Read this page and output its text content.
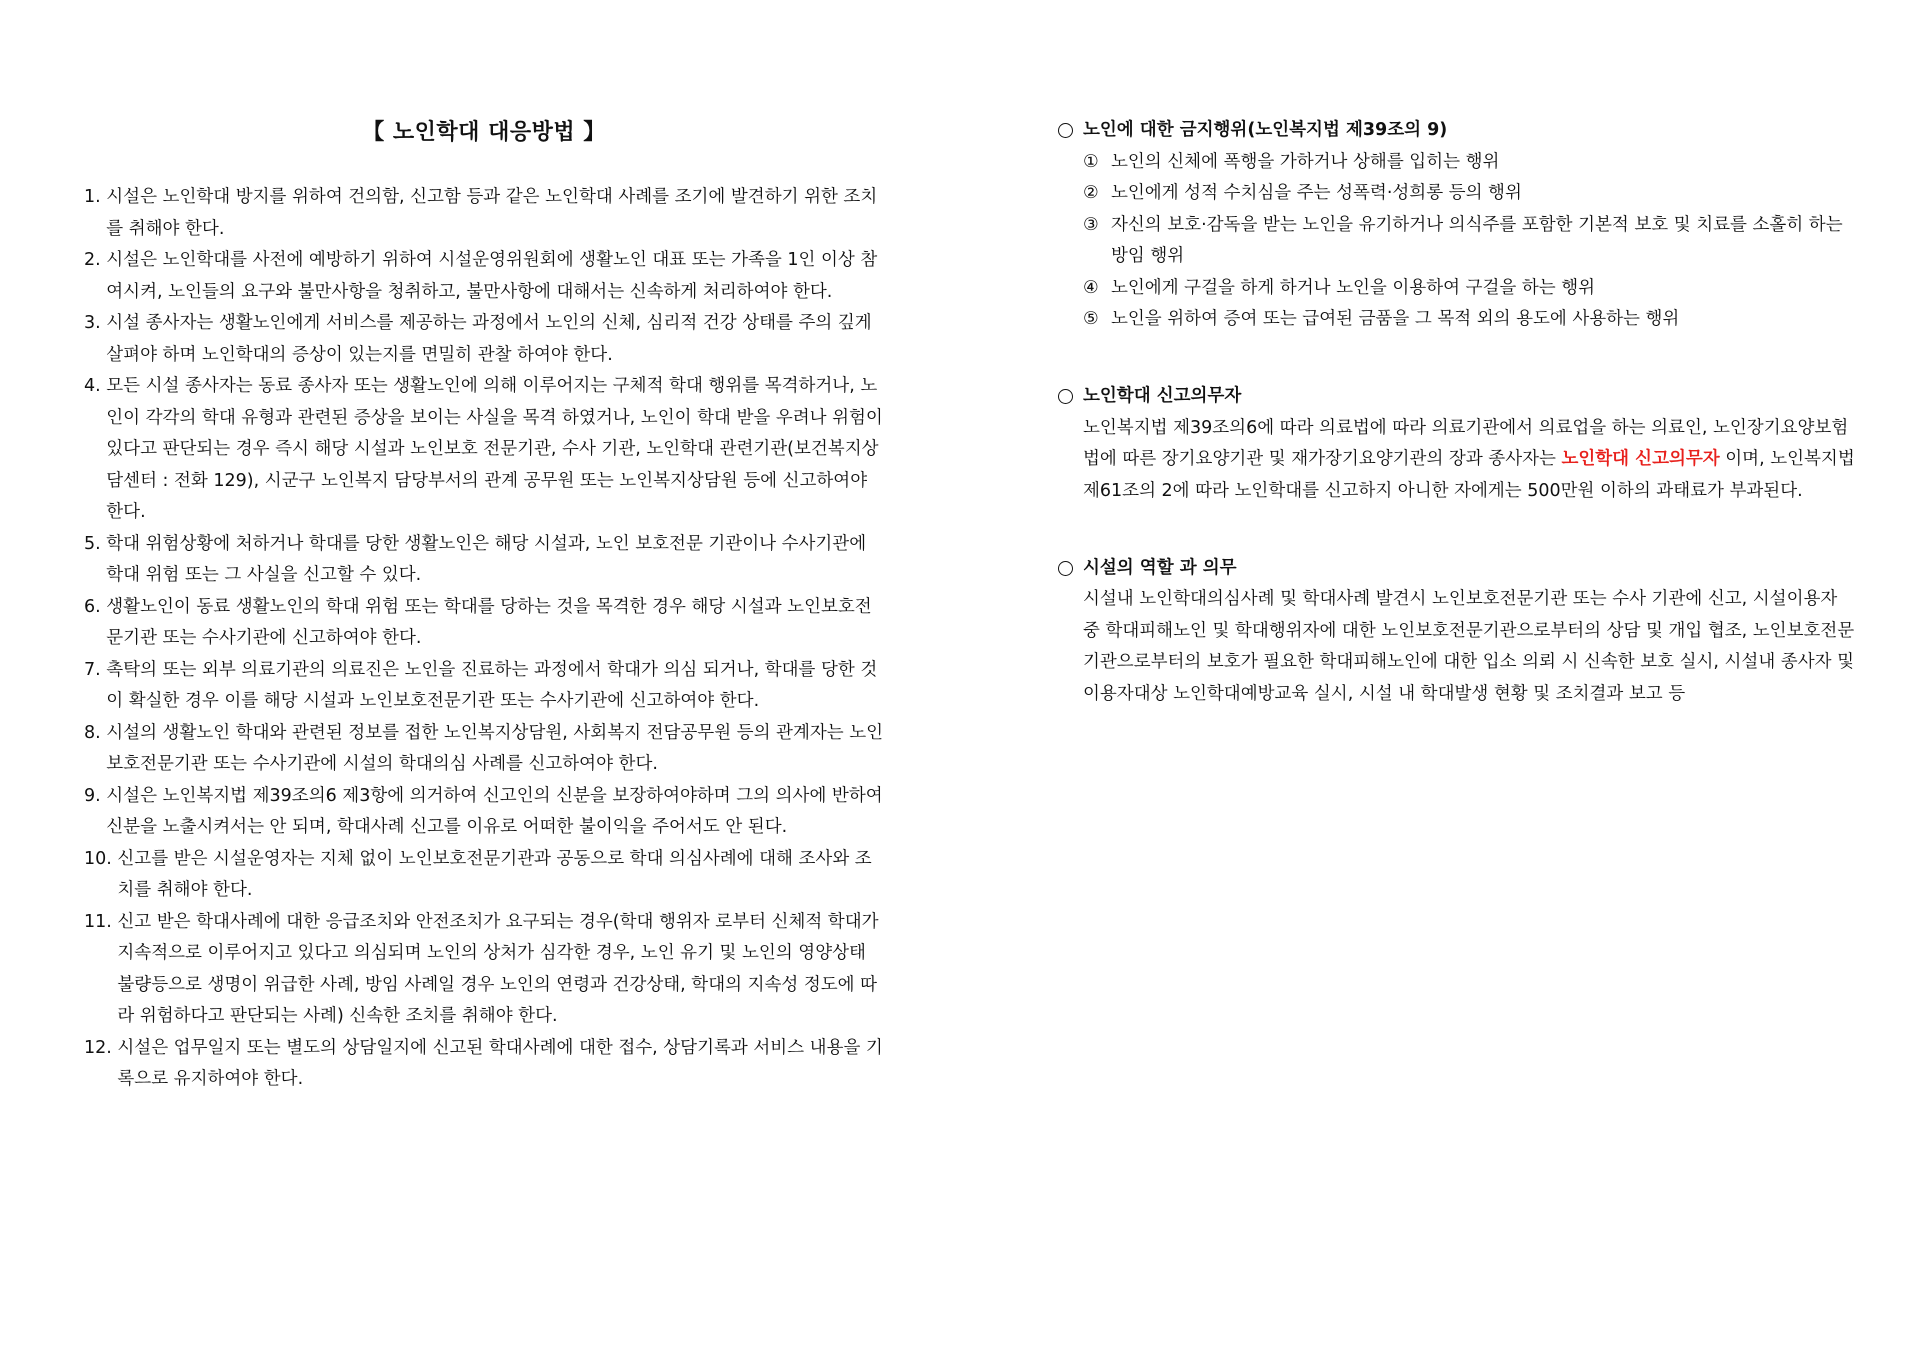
【 노인학대 대응방법 】
1. 시설은 노인학대 방지를 위하여 건의함, 신고함 등과 같은 노인학대 사례를 조기에 발견하기 위한 조치를 취해야 한다.
2. 시설은 노인학대를 사전에 예방하기 위하여 시설운영위원회에 생활노인 대표 또는 가족을 1인 이상 참여시켜, 노인들의 요구와 불만사항을 청취하고, 불만사항에 대해서는 신속하게 처리하여야 한다.
3. 시설 종사자는 생활노인에게 서비스를 제공하는 과정에서 노인의 신체, 심리적 건강 상태를 주의 깊게살펴야 하며 노인학대의 증상이 있는지를 면밀히 관찰 하여야 한다.
4. 모든 시설 종사자는 동료 종사자 또는 생활노인에 의해 이루어지는 구체적 학대 행위를 목격하거나, 노인이 각각의 학대 유형과 관련된 증상을 보이는 사실을 목격 하였거나, 노인이 학대 받을 우려나 위험이 있다고 판단되는 경우 즉시 해당 시설과 노인보호 전문기관, 수사 기관, 노인학대 관련기관(보건복지상담센터 : 전화 129), 시군구 노인복지 담당부서의 관계 공무원 또는 노인복지상담원 등에 신고하여야 한다.
5. 학대 위험상황에 처하거나 학대를 당한 생활노인은 해당 시설과, 노인 보호전문 기관이나 수사기관에 학대 위험 또는 그 사실을 신고할 수 있다.
6. 생활노인이 동료 생활노인의 학대 위험 또는 학대를 당하는 것을 목격한 경우 해당 시설과 노인보호전문기관 또는 수사기관에 신고하여야 한다.
7. 촉탁의 또는 외부 의료기관의 의료진은 노인을 진료하는 과정에서 학대가 의심 되거나, 학대를 당한 것이 확실한 경우 이를 해당 시설과 노인보호전문기관 또는 수사기관에 신고하여야 한다.
8. 시설의 생활노인 학대와 관련된 정보를 접한 노인복지상담원, 사회복지 전담공무원 등의 관계자는 노인보호전문기관 또는 수사기관에 시설의 학대의심 사례를 신고하여야 한다.
9. 시설은 노인복지법 제39조의6 제3항에 의거하여 신고인의 신분을 보장하여야하며 그의 의사에 반하여 신분을 노출시켜서는 안 되며, 학대사례 신고를 이유로 어떠한 불이익을 주어서도 안 된다.
10. 신고를 받은 시설운영자는 지체 없이 노인보호전문기관과 공동으로 학대 의심사례에 대해 조사와 조치를 취해야 한다.
11. 신고 받은 학대사례에 대한 응급조치와 안전조치가 요구되는 경우(학대 행위자 로부터 신체적 학대가 지속적으로 이루어지고 있다고 의심되며 노인의 상처가 심각한 경우, 노인 유기 및 노인의 영양상태 불량등으로 생명이 위급한 사례, 방임 사례일 경우 노인의 연령과 건강상태, 학대의 지속성 정도에 따라 위험하다고 판단되는 사례) 신속한 조치를 취해야 한다.
12. 시설은 업무일지 또는 별도의 상담일지에 신고된 학대사례에 대한 접수, 상담기록과 서비스 내용을 기록으로 유지하여야 한다.
노인에 대한 금지행위(노인복지법 제39조의 9)
① 노인의 신체에 폭행을 가하거나 상해를 입히는 행위
② 노인에게 성적 수치심을 주는 성폭력·성희롱 등의 행위
③ 자신의 보호·감독을 받는 노인을 유기하거나 의식주를 포함한 기본적 보호 및 치료를 소홀히 하는 방임 행위
④ 노인에게 구걸을 하게 하거나 노인을 이용하여 구걸을 하는 행위
⑤ 노인을 위하여 증여 또는 급여된 금품을 그 목적 외의 용도에 사용하는 행위
노인학대 신고의무자
노인복지법 제39조의6에 따라 의료법에 따라 의료기관에서 의료업을 하는 의료인, 노인장기요양보험법에 따른 장기요양기관 및 재가장기요양기관의 장과 종사자는 노인학대 신고의무자 이며, 노인복지법 제61조의 2에 따라 노인학대를 신고하지 아니한 자에게는 500만원 이하의 과태료가 부과된다.
시설의 역할 과 의무
시설내 노인학대의심사례 및 학대사례 발견시 노인보호전문기관 또는 수사 기관에 신고, 시설이용자 중 학대피해노인 및 학대행위자에 대한 노인보호전문기관으로부터의 상담 및 개입 협조, 노인보호전문기관으로부터의 보호가 필요한 학대피해노인에 대한 입소 의뢰 시 신속한 보호 실시, 시설내 종사자 및 이용자대상 노인학대예방교육 실시, 시설 내 학대발생 현황 및 조치결과 보고 등
